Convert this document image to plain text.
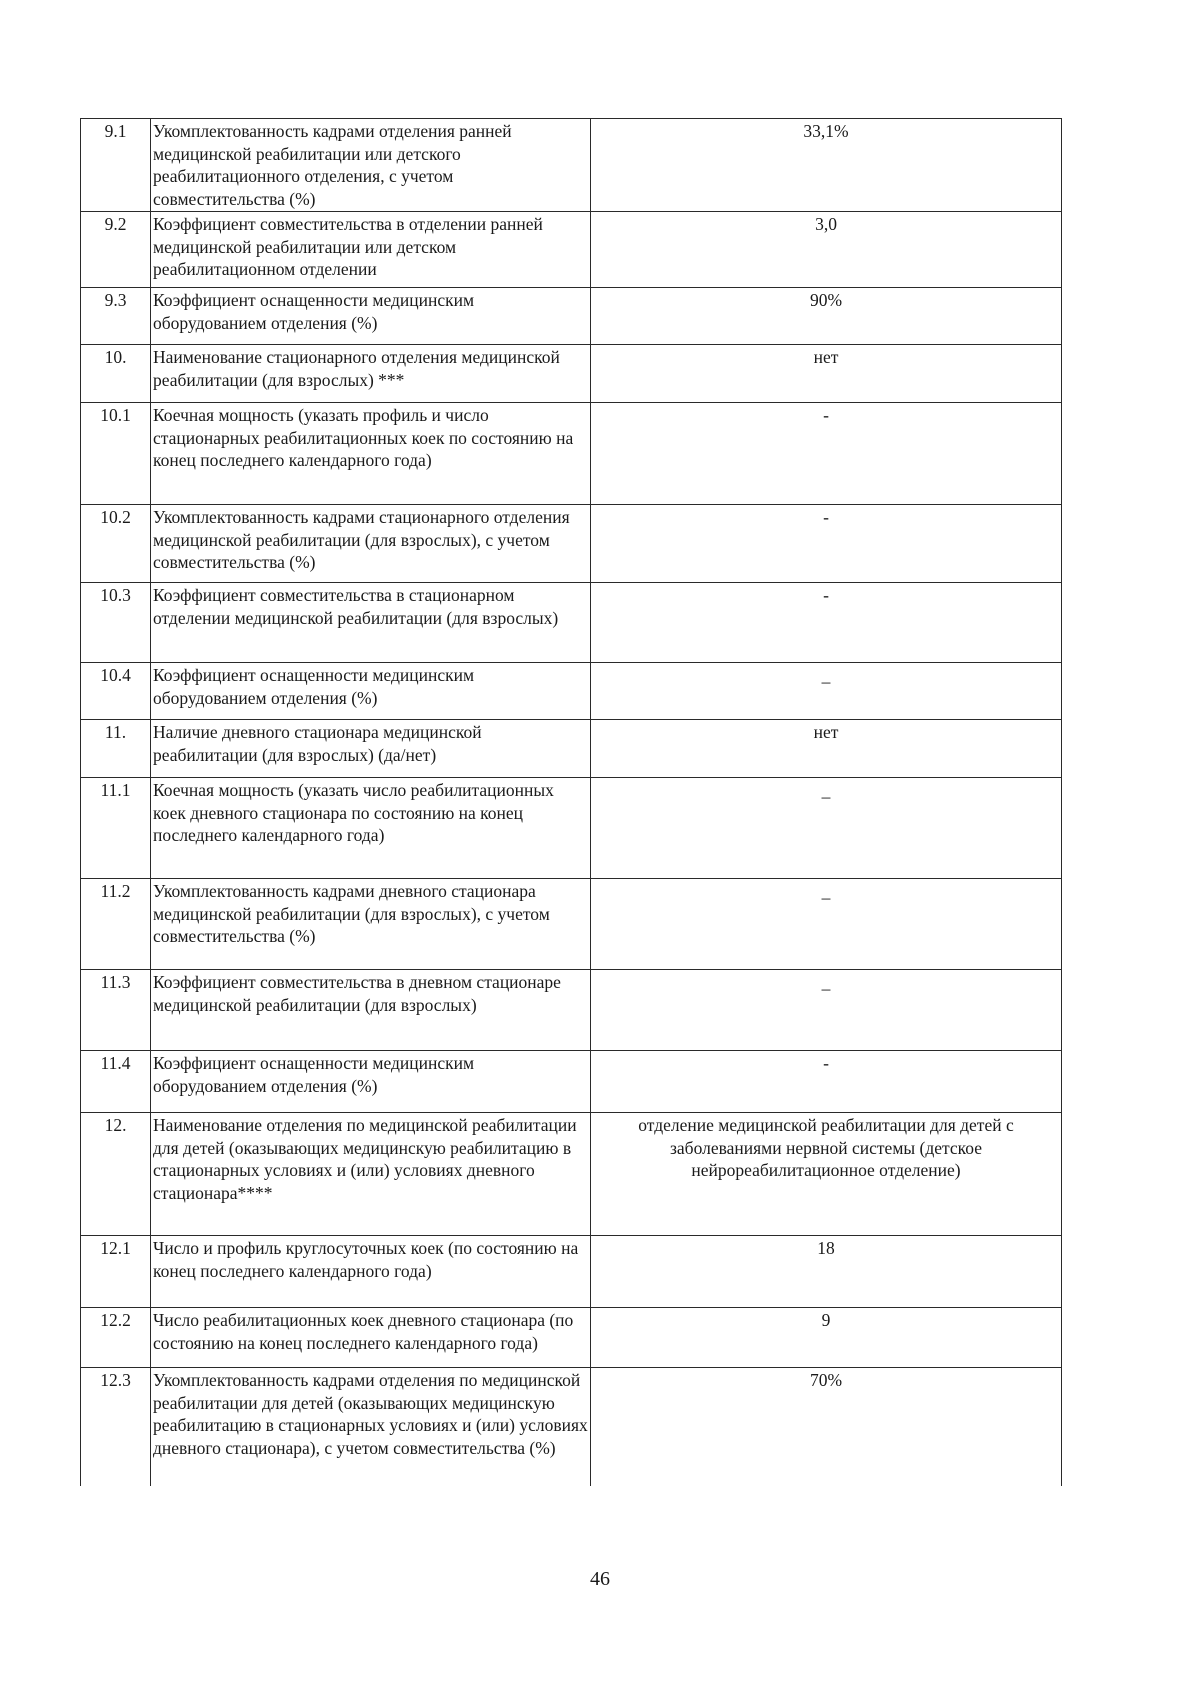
9.1	Укомплектованность кадрами отделения ранней медицинской реабилитации или детского реабилитационного отделения, с учетом совместительства (%)	33,1%
9.2	Коэффициент совместительства в отделении ранней медицинской реабилитации или детском реабилитационном отделении	3,0
9.3	Коэффициент оснащенности медицинским оборудованием отделения (%)	90%
10.	Наименование стационарного отделения медицинской реабилитации (для взрослых) ***	нет
10.1	Коечная мощность (указать профиль и число стационарных реабилитационных коек по состоянию на конец последнего календарного года)	-
10.2	Укомплектованность кадрами стационарного отделения медицинской реабилитации (для взрослых), с учетом совместительства (%)	-
10.3	Коэффициент совместительства в стационарном отделении медицинской реабилитации (для взрослых)	-
10.4	Коэффициент оснащенности медицинским оборудованием отделения (%)	_
11.	Наличие дневного стационара медицинской реабилитации (для взрослых) (да/нет)	нет
11.1	Коечная мощность (указать число реабилитационных коек дневного стационара по состоянию на конец последнего календарного года)	_
11.2	Укомплектованность кадрами дневного стационара медицинской реабилитации (для взрослых), с учетом совместительства (%)	_
11.3	Коэффициент совместительства в дневном стационаре медицинской реабилитации (для взрослых)	_
11.4	Коэффициент оснащенности медицинским оборудованием отделения (%)	-
12.	Наименование отделения по медицинской реабилитации для детей (оказывающих медицинскую реабилитацию в стационарных условиях и (или) условиях дневного стационара****	отделение медицинской реабилитации для детей с заболеваниями нервной системы (детское нейрореабилитационное отделение)
12.1	Число и профиль круглосуточных коек (по состоянию на конец последнего календарного года)	18
12.2	Число реабилитационных коек дневного стационара (по состоянию на конец последнего календарного года)	9
12.3	Укомплектованность кадрами отделения по медицинской реабилитации для детей (оказывающих медицинскую реабилитацию в стационарных условиях и (или) условиях дневного стационара), с учетом совместительства (%)	70%
46
